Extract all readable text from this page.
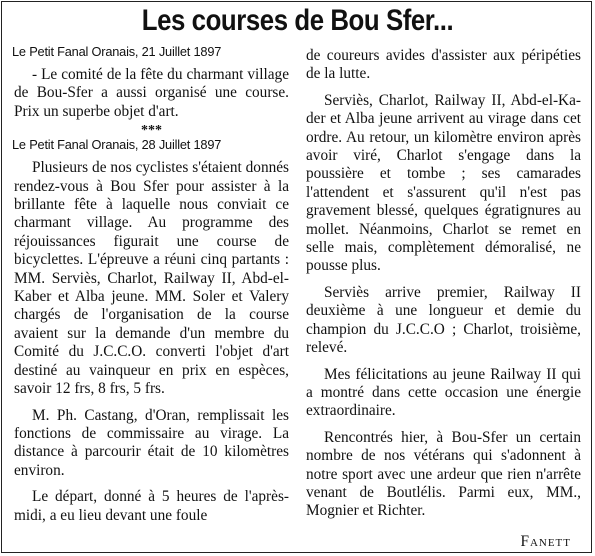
Les courses de Bou Sfer...
Le Petit Fanal Oranais, 21 Juillet 1897

- Le comité de la fête du charmant village de Bou-Sfer a aussi organisé une course. Prix un superbe objet d'art.

***
Le Petit Fanal Oranais, 28 Juillet 1897

Plusieurs de nos cyclistes s'étaient donnés rendez-vous à Bou Sfer pour assister à la brillante fête à laquelle nous conviait ce charmant village. Au programme des réjouissances figurait une course de bicyclettes. L'épreuve a réuni cinq partants : MM. Serviès, Charlot, Railway II, Abd-el-Kaber et Alba jeune. MM. Soler et Valery chargés de l'organisation de la course avaient sur la demande d'un membre du Comité du J.C.C.O. converti l'objet d'art destiné au vainqueur en prix en espèces, savoir 12 frs, 8 frs, 5 frs.

M. Ph. Castang, d'Oran, remplissait les fonctions de commissaire au virage. La distance à parcourir était de 10 kilomètres environ.

Le départ, donné à 5 heures de l'après-midi, a eu lieu devant une foule

de coureurs avides d'assister aux péripéties de la lutte.

Serviès, Charlot, Railway II, Abd-el-Ka-der et Alba jeune arrivent au virage dans cet ordre. Au retour, un kilomètre environ après avoir viré, Charlot s'engage dans la poussière et tombe ; ses camarades l'attendent et s'assurent qu'il n'est pas gravement blessé, quelques égratignures au mollet. Néanmoins, Charlot se remet en selle mais, complètement démoralisé, ne pousse plus.

Serviès arrive premier, Railway II deuxième à une longueur et demie du champion du J.C.C.O ; Charlot, troisième, relevé.

Mes félicitations au jeune Railway II qui a montré dans cette occasion une énergie extraordinaire.

Rencontrés hier, à Bou-Sfer un certain nombre de nos vétérans qui s'adonnent à notre sport avec une ardeur que rien n'arrête venant de Boutlélis. Parmi eux, MM., Mognier et Richter.

Fanett
